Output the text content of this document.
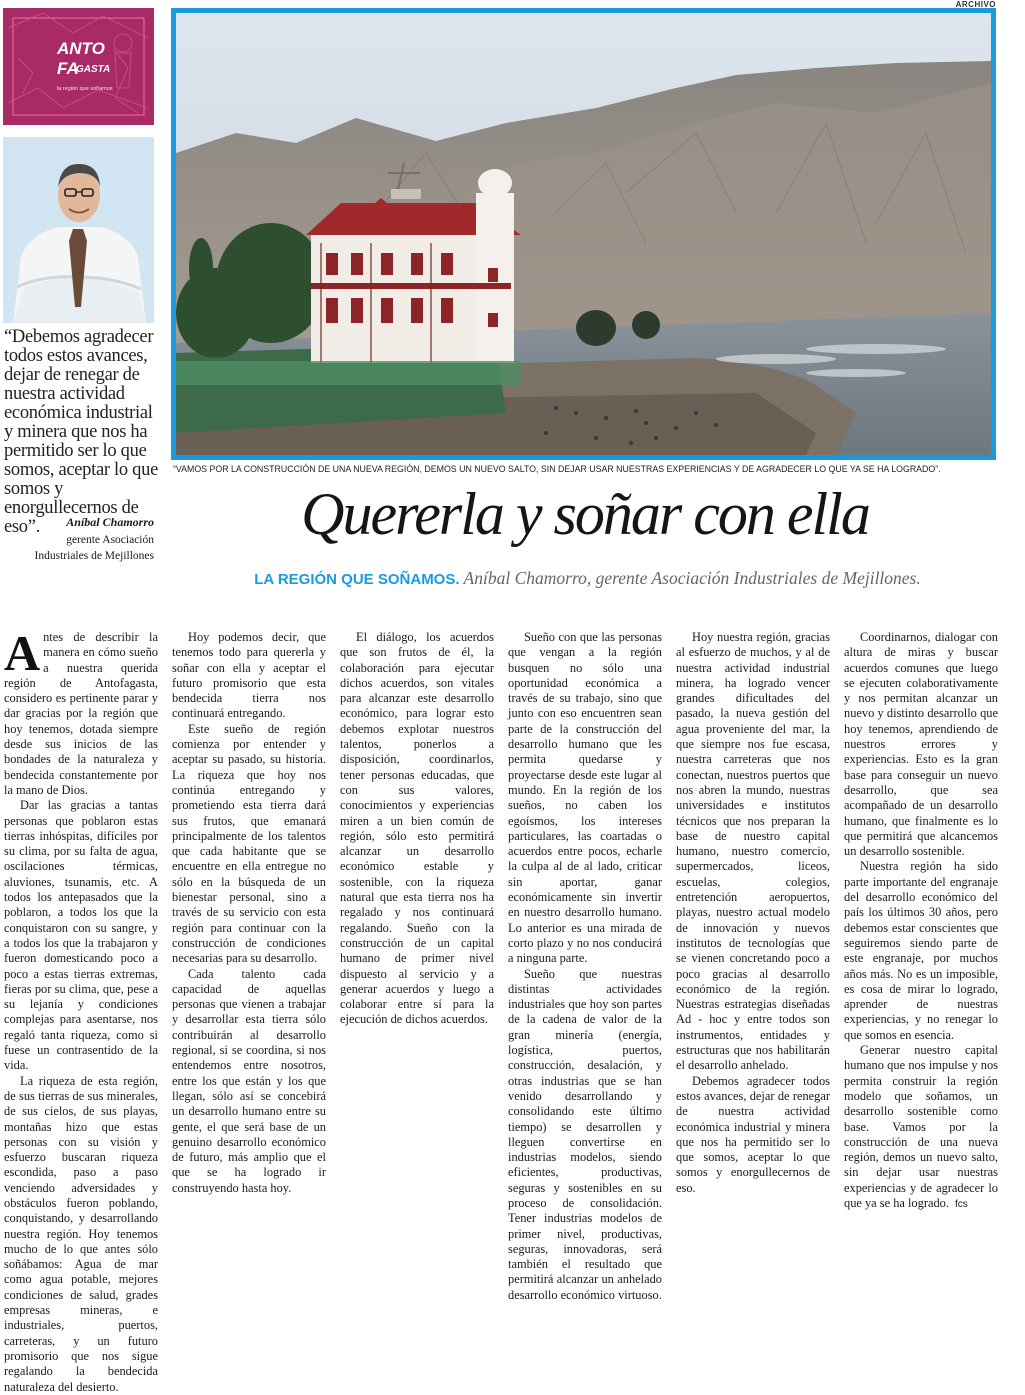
ARCHIVO
ANTO
FA
GASTA
la región que soñamos
“Debemos agradecer todos estos avances, dejar de renegar de nuestra actividad económica industrial y minera que nos ha permitido ser lo que somos, aceptar lo que somos y enorgullecernos de eso”.	Aníbal Chamorro
gerente Asociación
Industriales de Mejillones
“VAMOS POR LA CONSTRUCCIÓN DE UNA NUEVA REGIÓN, DEMOS UN NUEVO SALTO, SIN DEJAR USAR NUESTRAS EXPERIENCIAS Y DE AGRADECER LO QUE YA SE HA LOGRADO”.
Quererla y soñar con ella
LA REGIÓN QUE SOÑAMOS. Aníbal Chamorro, gerente Asociación Industriales de Mejillones.

Antes de describir la manera en cómo sueño a nuestra querida región de Antofagasta, considero es pertinente parar y dar gracias por la región que hoy tenemos, dotada siempre desde sus inicios de las bondades de la naturaleza y bendecida constantemente por la mano de Dios.

Dar las gracias a tantas personas que poblaron estas tierras inhóspitas, difíciles por su clima, por su falta de agua, oscilaciones térmicas, aluviones, tsunamis, etc. A todos los antepasados que la poblaron, a todos los que la conquistaron con su sangre, y a todos los que la trabajaron y fueron domesticando poco a poco a estas tierras extremas, fieras por su clima, que, pese a su lejanía y condiciones complejas para asentarse, nos regaló tanta riqueza, como si fuese un contrasentido de la vida.

La riqueza de esta región, de sus tierras de sus minerales, de sus cielos, de sus playas, montañas hizo que estas personas con su visión y esfuerzo buscaran riqueza escondida, paso a paso venciendo adversidades y obstáculos fueron poblando, conquistando, y desarrollando nuestra región. Hoy tenemos mucho de lo que antes sólo soñábamos: Agua de mar como agua potable, mejores condiciones de salud, grades empresas mineras, e industriales, puertos, carreteras, y un futuro promisorio que nos sigue regalando la bendecida naturaleza del desierto.

Hoy podemos decir, que tenemos todo para quererla y soñar con ella y aceptar el futuro promisorio que esta bendecida tierra nos continuará entregando.

Este sueño de región comienza por entender y aceptar su pasado, su historia. La riqueza que hoy nos continúa entregando y prometiendo esta tierra dará sus frutos, que emanará principalmente de los talentos que cada habitante que se encuentre en ella entregue no sólo en la búsqueda de un bienestar personal, sino a través de su servicio con esta región para continuar con la construcción de condiciones necesarias para su desarrollo.

Cada talento cada capacidad de aquellas personas que vienen a trabajar y desarrollar esta tierra sólo contribuirán al desarrollo regional, si se coordina, si nos entendemos entre nosotros, entre los que están y los que llegan, sólo así se concebirá un desarrollo humano entre su gente, el que será base de un genuino desarrollo económico de futuro, más amplio que el que se ha logrado ir construyendo hasta hoy.

El diálogo, los acuerdos que son frutos de él, la colaboración para ejecutar dichos acuerdos, son vitales para alcanzar este desarrollo económico, para lograr esto debemos explotar nuestros talentos, ponerlos a disposición, coordinarlos, tener personas educadas, que con sus valores, conocimientos y experiencias miren a un bien común de región, sólo esto permitirá alcanzar un desarrollo económico estable y sostenible, con la riqueza natural que esta tierra nos ha regalado y nos continuará regalando. Sueño con la construcción de un capital humano de primer nivel dispuesto al servicio y a generar acuerdos y luego a colaborar entre sí para la ejecución de dichos acuerdos.

Sueño con que las personas que vengan a la región busquen no sólo una oportunidad económica a través de su trabajo, sino que junto con eso encuentren sean parte de la construcción del desarrollo humano que les permita quedarse y proyectarse desde este lugar al mundo. En la región de los sueños, no caben los egoísmos, los intereses particulares, las coartadas o acuerdos entre pocos, echarle la culpa al de al lado, criticar sin aportar, ganar económicamente sin invertir en nuestro desarrollo humano. Lo anterior es una mirada de corto plazo y no nos conducirá a ninguna parte.

Sueño que nuestras distintas actividades industriales que hoy son partes de la cadena de valor de la gran minería (energía, logística, puertos, construcción, desalación, y otras industrias que se han venido desarrollando y consolidando este último tiempo) se desarrollen y lleguen convertirse en industrias modelos, siendo eficientes, productivas, seguras y sostenibles en su proceso de consolidación. Tener industrias modelos de primer nivel, productivas, seguras, innovadoras, será también el resultado que permitirá alcanzar un anhelado desarrollo económico virtuoso.

Hoy nuestra región, gracias al esfuerzo de muchos, y al de nuestra actividad industrial minera, ha logrado vencer grandes dificultades del pasado, la nueva gestión del agua proveniente del mar, la que siempre nos fue escasa, nuestra carreteras que nos conectan, nuestros puertos que nos abren la mundo, nuestras universidades e institutos técnicos que nos preparan la base de nuestro capital humano, nuestro comercio, supermercados, liceos, escuelas, colegios, entretención aeropuertos, playas, nuestro actual modelo de innovación y nuevos institutos de tecnologías que se vienen concretando poco a poco gracias al desarrollo económico de la región. Nuestras estrategias diseñadas Ad - hoc y entre todos son instrumentos, entidades y estructuras que nos habilitarán el desarrollo anhelado.

Debemos agradecer todos estos avances, dejar de renegar de nuestra actividad económica industrial y minera que nos ha permitido ser lo que somos, aceptar lo que somos y enorgullecernos de eso.

Coordinarnos, dialogar con altura de miras y buscar acuerdos comunes que luego se ejecuten colaborativamente y nos permitan alcanzar un nuevo y distinto desarrollo que hoy tenemos, aprendiendo de nuestros errores y experiencias. Esto es la gran base para conseguir un nuevo desarrollo, que sea acompañado de un desarrollo humano, que finalmente es lo que permitirá que alcancemos un desarrollo sostenible.

Nuestra región ha sido parte importante del engranaje del desarrollo económico del país los últimos 30 años, pero debemos estar conscientes que seguiremos siendo parte de este engranaje, por muchos años más. No es un imposible, es cosa de mirar lo logrado, aprender de nuestras experiencias, y no renegar lo que somos en esencia.

Generar nuestro capital humano que nos impulse y nos permita construir la región modelo que soñamos, un desarrollo sostenible como base. Vamos por la construcción de una nueva región, demos un nuevo salto, sin dejar usar nuestras experiencias y de agradecer lo que ya se ha logrado. fcs
